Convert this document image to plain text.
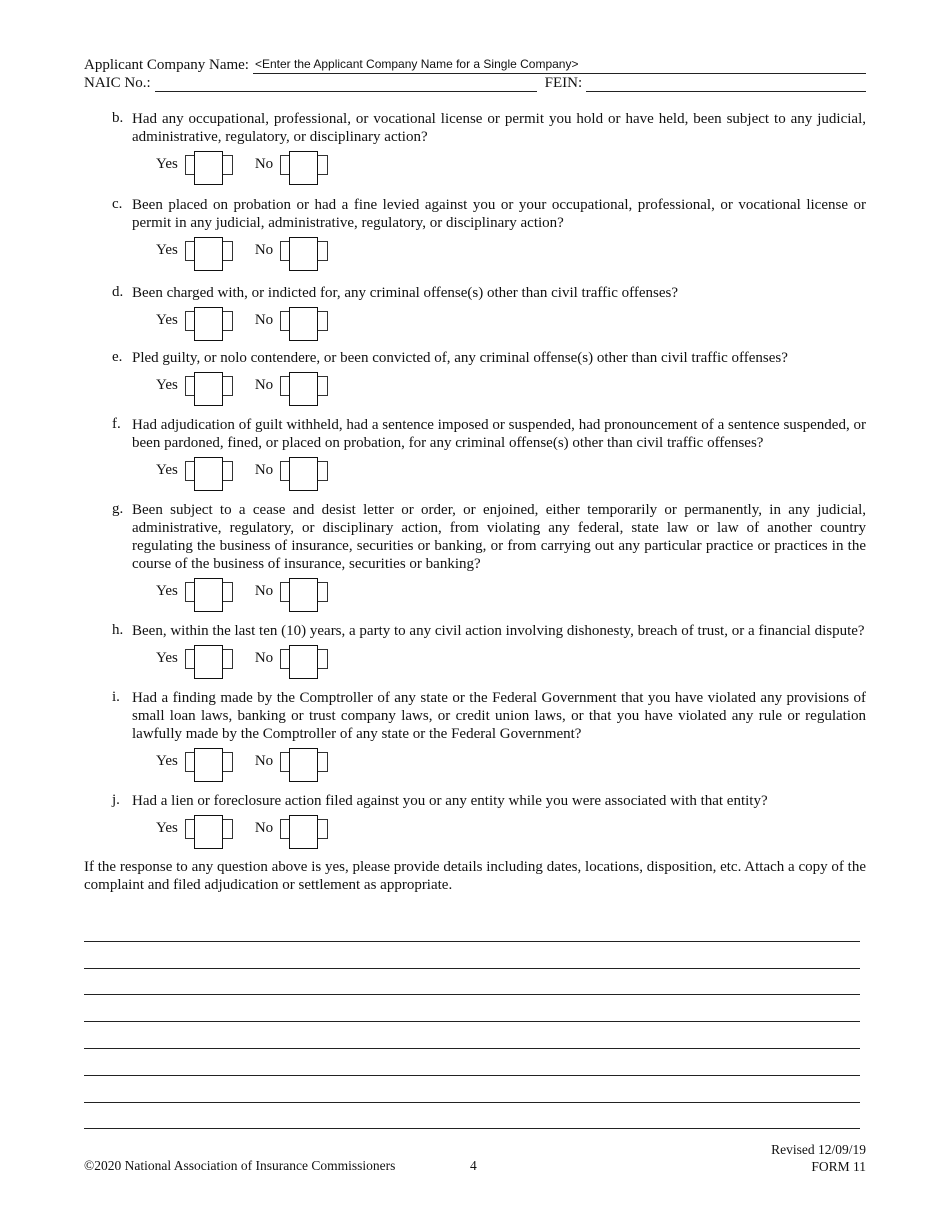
Applicant Company Name: <Enter the Applicant Company Name for a Single Company>
NAIC No.:	FEIN:
b. Had any occupational, professional, or vocational license or permit you hold or have held, been subject to any judicial, administrative, regulatory, or disciplinary action?
Yes	No
c. Been placed on probation or had a fine levied against you or your occupational, professional, or vocational license or permit in any judicial, administrative, regulatory, or disciplinary action?
Yes	No
d. Been charged with, or indicted for, any criminal offense(s) other than civil traffic offenses?
Yes	No
e. Pled guilty, or nolo contendere, or been convicted of, any criminal offense(s) other than civil traffic offenses?
Yes	No
f. Had adjudication of guilt withheld, had a sentence imposed or suspended, had pronouncement of a sentence suspended, or been pardoned, fined, or placed on probation, for any criminal offense(s) other than civil traffic offenses?
Yes	No
g. Been subject to a cease and desist letter or order, or enjoined, either temporarily or permanently, in any judicial, administrative, regulatory, or disciplinary action, from violating any federal, state law or law of another country regulating the business of insurance, securities or banking, or from carrying out any particular practice or practices in the course of the business of insurance, securities or banking?
Yes	No
h. Been, within the last ten (10) years, a party to any civil action involving dishonesty, breach of trust, or a financial dispute?
Yes	No
i. Had a finding made by the Comptroller of any state or the Federal Government that you have violated any provisions of small loan laws, banking or trust company laws, or credit union laws, or that you have violated any rule or regulation lawfully made by the Comptroller of any state or the Federal Government?
Yes	No
j. Had a lien or foreclosure action filed against you or any entity while you were associated with that entity?
Yes	No
If the response to any question above is yes, please provide details including dates, locations, disposition, etc. Attach a copy of the complaint and filed adjudication or settlement as appropriate.
©2020 National Association of Insurance Commissioners	4
Revised 12/09/19
FORM 11
